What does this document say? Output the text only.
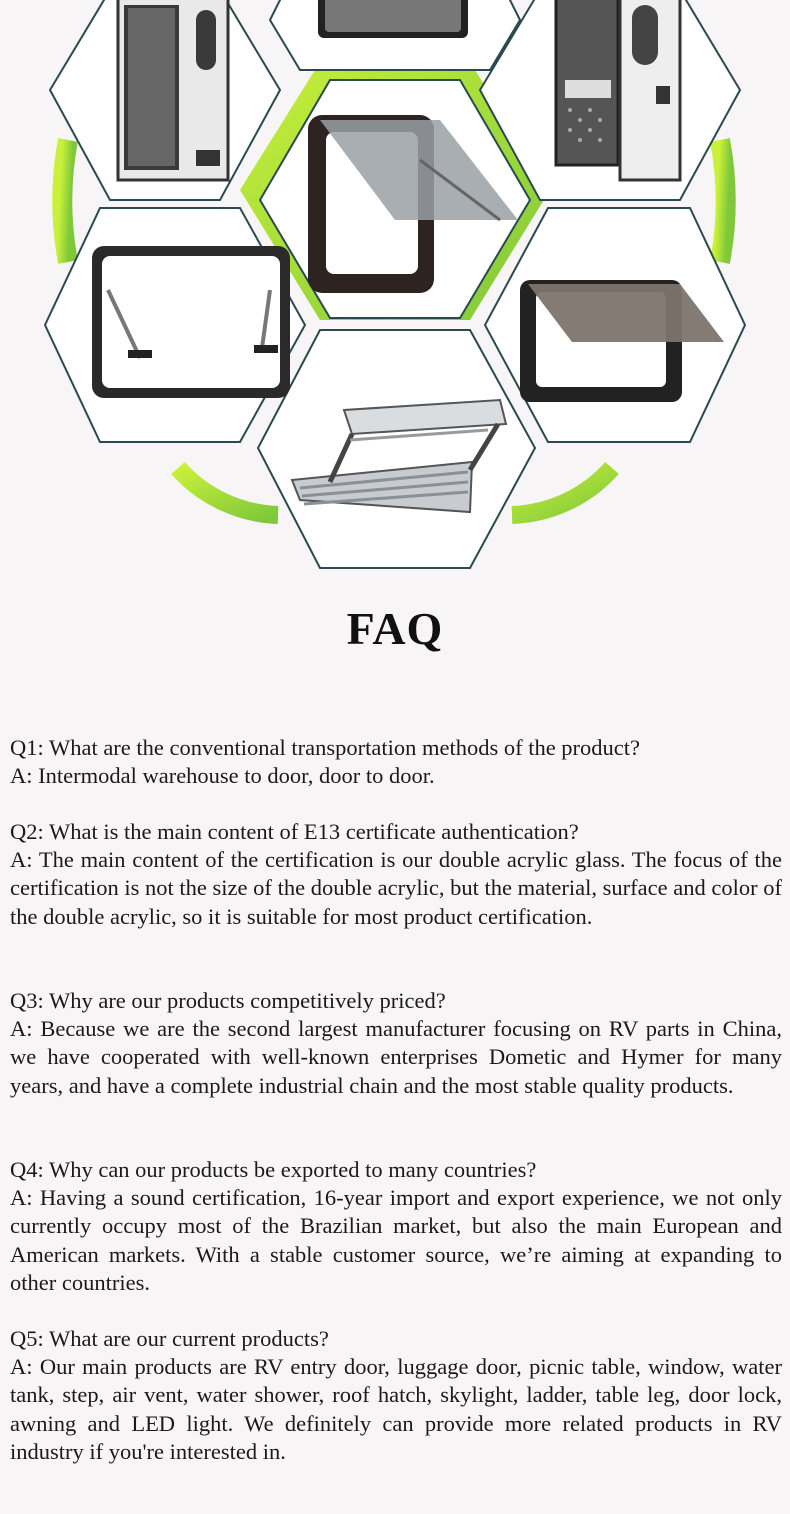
FAQ

Q1: What are the conventional transportation methods of the product?

A: Intermodal warehouse to door, door to door.

Q2: What is the main content of E13 certificate authentication?

A: The main content of the certification is our double acrylic glass. The focus of the certification is not the size of the double acrylic, but the material, surface and color of the double acrylic, so it is suitable for most product certification.

Q3: Why are our products competitively priced?

A: Because we are the second largest manufacturer focusing on RV parts in China, we have cooperated with well-known enterprises Dometic and Hymer for many years, and have a complete industrial chain and the most stable quality products.

Q4: Why can our products be exported to many countries?

A: Having a sound certification, 16-year import and export experience, we not only currently occupy most of the Brazilian market, but also the main European and American markets. With a stable customer source, we’re aiming at expanding to other countries.

Q5: What are our current products?

A: Our main products are RV entry door, luggage door, picnic table, window, water tank, step, air vent, water shower, roof hatch, skylight, ladder, table leg, door lock, awning and LED light. We definitely can provide more related products in RV industry if you're interested in.
